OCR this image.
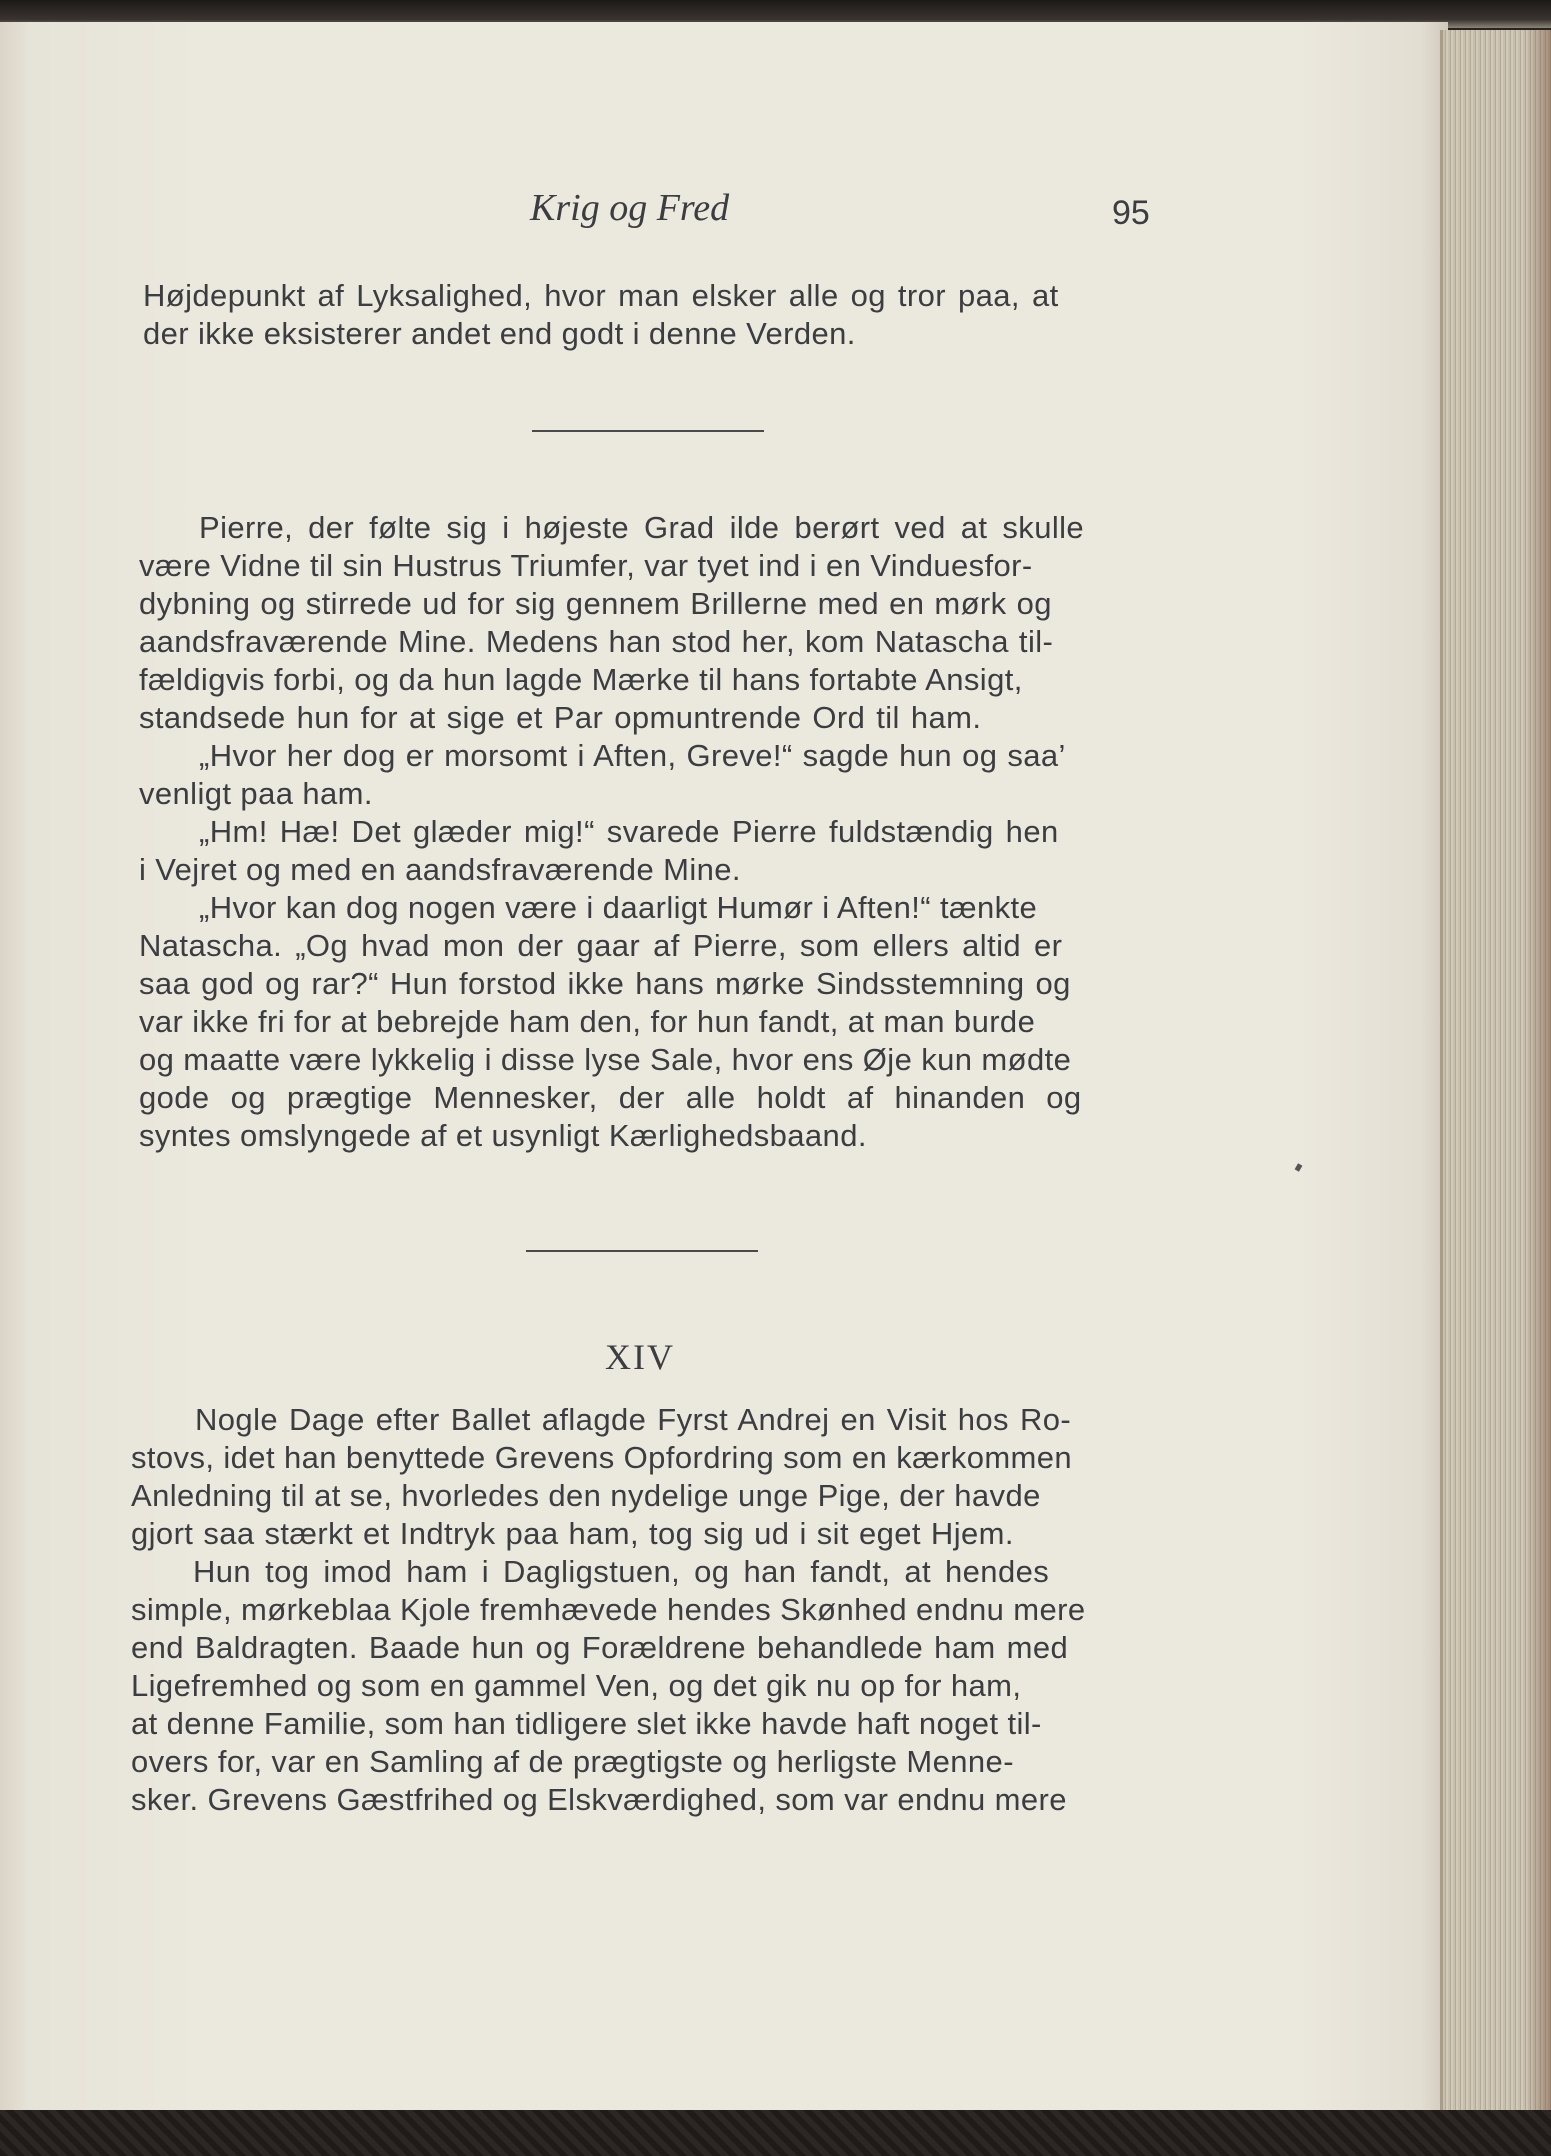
Krig og Fred	95
Højdepunkt af Lyksalighed, hvor man elsker alle og tror paa, at
der ikke eksisterer andet end godt i denne Verden.
Pierre, der følte sig i højeste Grad ilde berørt ved at skulle
være Vidne til sin Hustrus Triumfer, var tyet ind i en Vinduesfor-
dybning og stirrede ud for sig gennem Brillerne med en mørk og
aandsfraværende Mine. Medens han stod her, kom Natascha til-
fældigvis forbi, og da hun lagde Mærke til hans fortabte Ansigt,
standsede hun for at sige et Par opmuntrende Ord til ham.
„Hvor her dog er morsomt i Aften, Greve!“ sagde hun og saa’
venligt paa ham.
„Hm! Hæ! Det glæder mig!“ svarede Pierre fuldstændig hen
i Vejret og med en aandsfraværende Mine.
„Hvor kan dog nogen være i daarligt Humør i Aften!“ tænkte
Natascha. „Og hvad mon der gaar af Pierre, som ellers altid er
saa god og rar?“ Hun forstod ikke hans mørke Sindsstemning og
var ikke fri for at bebrejde ham den, for hun fandt, at man burde
og maatte være lykkelig i disse lyse Sale, hvor ens Øje kun mødte
gode og prægtige Mennesker, der alle holdt af hinanden og
syntes omslyngede af et usynligt Kærlighedsbaand.
XIV
Nogle Dage efter Ballet aflagde Fyrst Andrej en Visit hos Ro-
stovs, idet han benyttede Grevens Opfordring som en kærkommen
Anledning til at se, hvorledes den nydelige unge Pige, der havde
gjort saa stærkt et Indtryk paa ham, tog sig ud i sit eget Hjem.
Hun tog imod ham i Dagligstuen, og han fandt, at hendes
simple, mørkeblaa Kjole fremhævede hendes Skønhed endnu mere
end Baldragten. Baade hun og Forældrene behandlede ham med
Ligefremhed og som en gammel Ven, og det gik nu op for ham,
at denne Familie, som han tidligere slet ikke havde haft noget til-
overs for, var en Samling af de prægtigste og herligste Menne-
sker. Grevens Gæstfrihed og Elskværdighed, som var endnu mere
